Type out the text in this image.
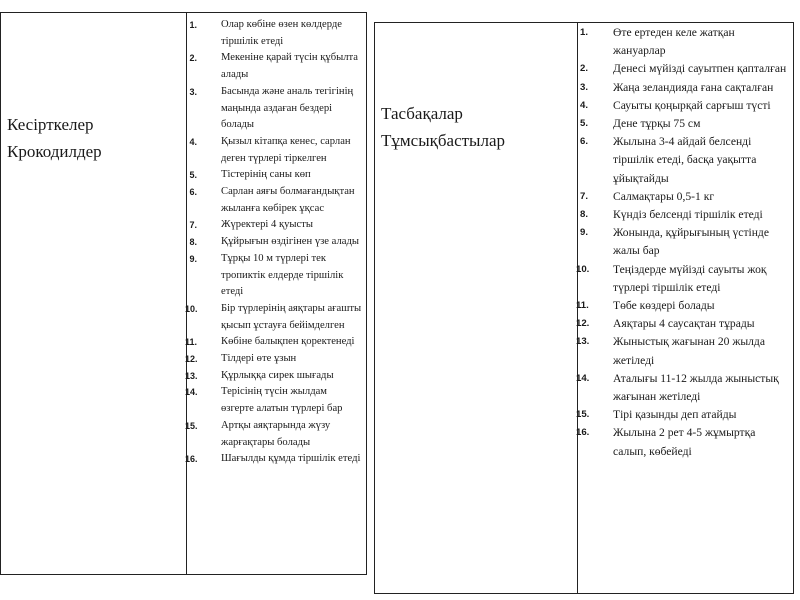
Кесірткелер
Крокодилдер
1. Олар көбіне өзен көлдерде тіршілік етеді
2. Мекеніне қарай түсін құбылта алады
3. Басында және аналь тегігінің маңында аздаған бездері болады
4. Қызыл кітапқа кенес, сарлан деген түрлері тіркелген
5. Тістерінің саны көп
6. Сарлан аяғы болмағандықтан жыланға көбірек ұқсас
7. Жүректері 4 қуысты
8. Құйрығын өздігінен үзе алады
9. Тұрқы 10 м түрлері тек тропиктік елдерде тіршілік етеді
10. Бір түрлерінің аяқтары ағашты қысып ұстауға бейімделген
11. Көбіне балықпен қоректенеді
12. Тілдері өте ұзын
13. Құрлыққа сирек шығады
14. Терісінің түсін жылдам өзгерте алатын түрлері бар
15. Артқы аяқтарында жүзу жарғақтары болады
16. Шағылды құмда тіршілік етеді
Тасбақалар
Тұмсықбастылар
1. Өте ертеден келе жатқан жануарлар
2. Денесі мүйізді сауытпен қапталған
3. Жаңа зеландияда ғана сақталған
4. Сауыты қоңырқай сарғыш түсті
5. Дене тұрқы 75 см
6. Жылына 3-4 айдай белсенді тіршілік етеді, басқа уақытта ұйықтайды
7. Салмақтары 0,5-1 кг
8. Күндіз белсенді тіршілік етеді
9. Жонында, құйрығының үстінде жалы бар
10. Теңіздерде мүйізді сауыты жоқ түрлері тіршілік етеді
11. Төбе көздері болады
12. Аяқтары 4 саусақтан тұрады
13. Жыныстық жағынан 20 жылда жетіледі
14. Аталығы 11-12 жылда жыныстық жағынан жетіледі
15. Тірі қазынды деп атайды
16. Жылына 2 рет 4-5 жұмыртқа салып, көбейеді
